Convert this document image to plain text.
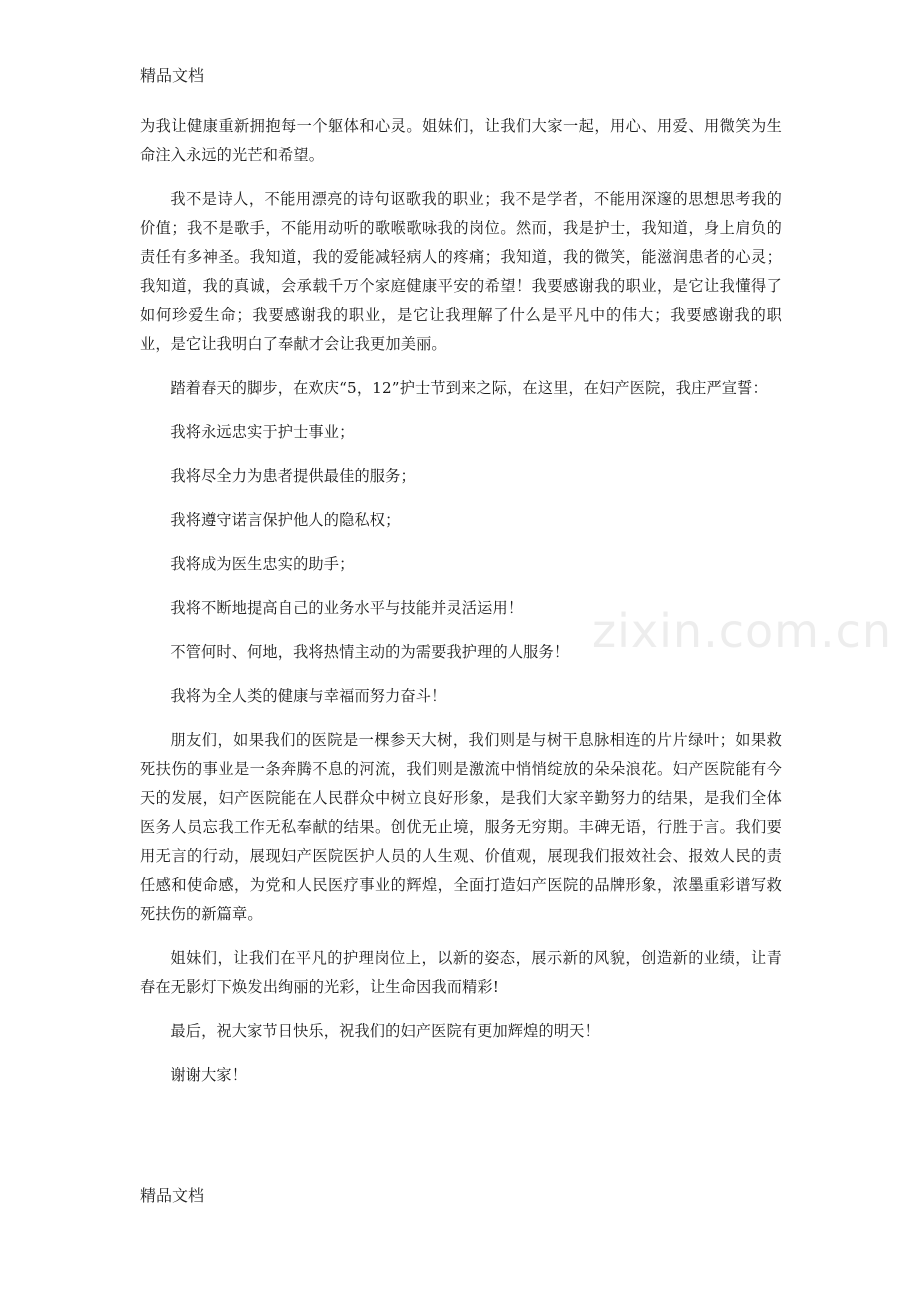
精品文档

为我让健康重新拥抱每一个躯体和心灵。姐妹们，让我们大家一起，用心、用爱、用微笑为生命注入永远的光芒和希望。

我不是诗人，不能用漂亮的诗句讴歌我的职业；我不是学者，不能用深邃的思想思考我的价值；我不是歌手，不能用动听的歌喉歌咏我的岗位。然而，我是护士，我知道，身上肩负的责任有多神圣。我知道，我的爱能减轻病人的疼痛；我知道，我的微笑，能滋润患者的心灵；我知道，我的真诚，会承载千万个家庭健康平安的希望！我要感谢我的职业，是它让我懂得了如何珍爱生命；我要感谢我的职业，是它让我理解了什么是平凡中的伟大；我要感谢我的职业，是它让我明白了奉献才会让我更加美丽。

踏着春天的脚步，在欢庆“5，12”护士节到来之际，在这里，在妇产医院，我庄严宣誓：

我将永远忠实于护士事业；

我将尽全力为患者提供最佳的服务；

我将遵守诺言保护他人的隐私权；

我将成为医生忠实的助手；

我将不断地提高自己的业务水平与技能并灵活运用！

不管何时、何地，我将热情主动的为需要我护理的人服务！

我将为全人类的健康与幸福而努力奋斗！

朋友们，如果我们的医院是一棵参天大树，我们则是与树干息脉相连的片片绿叶；如果救死扶伤的事业是一条奔腾不息的河流，我们则是激流中悄悄绽放的朵朵浪花。妇产医院能有今天的发展，妇产医院能在人民群众中树立良好形象，是我们大家辛勤努力的结果，是我们全体医务人员忘我工作无私奉献的结果。创优无止境，服务无穷期。丰碑无语，行胜于言。我们要用无言的行动，展现妇产医院医护人员的人生观、价值观，展现我们报效社会、报效人民的责任感和使命感，为党和人民医疗事业的辉煌，全面打造妇产医院的品牌形象，浓墨重彩谱写救死扶伤的新篇章。

姐妹们，让我们在平凡的护理岗位上，以新的姿态，展示新的风貌，创造新的业绩，让青春在无影灯下焕发出绚丽的光彩，让生命因我而精彩!

最后，祝大家节日快乐，祝我们的妇产医院有更加辉煌的明天！

谢谢大家！

zixin.com.cn
精品文档
